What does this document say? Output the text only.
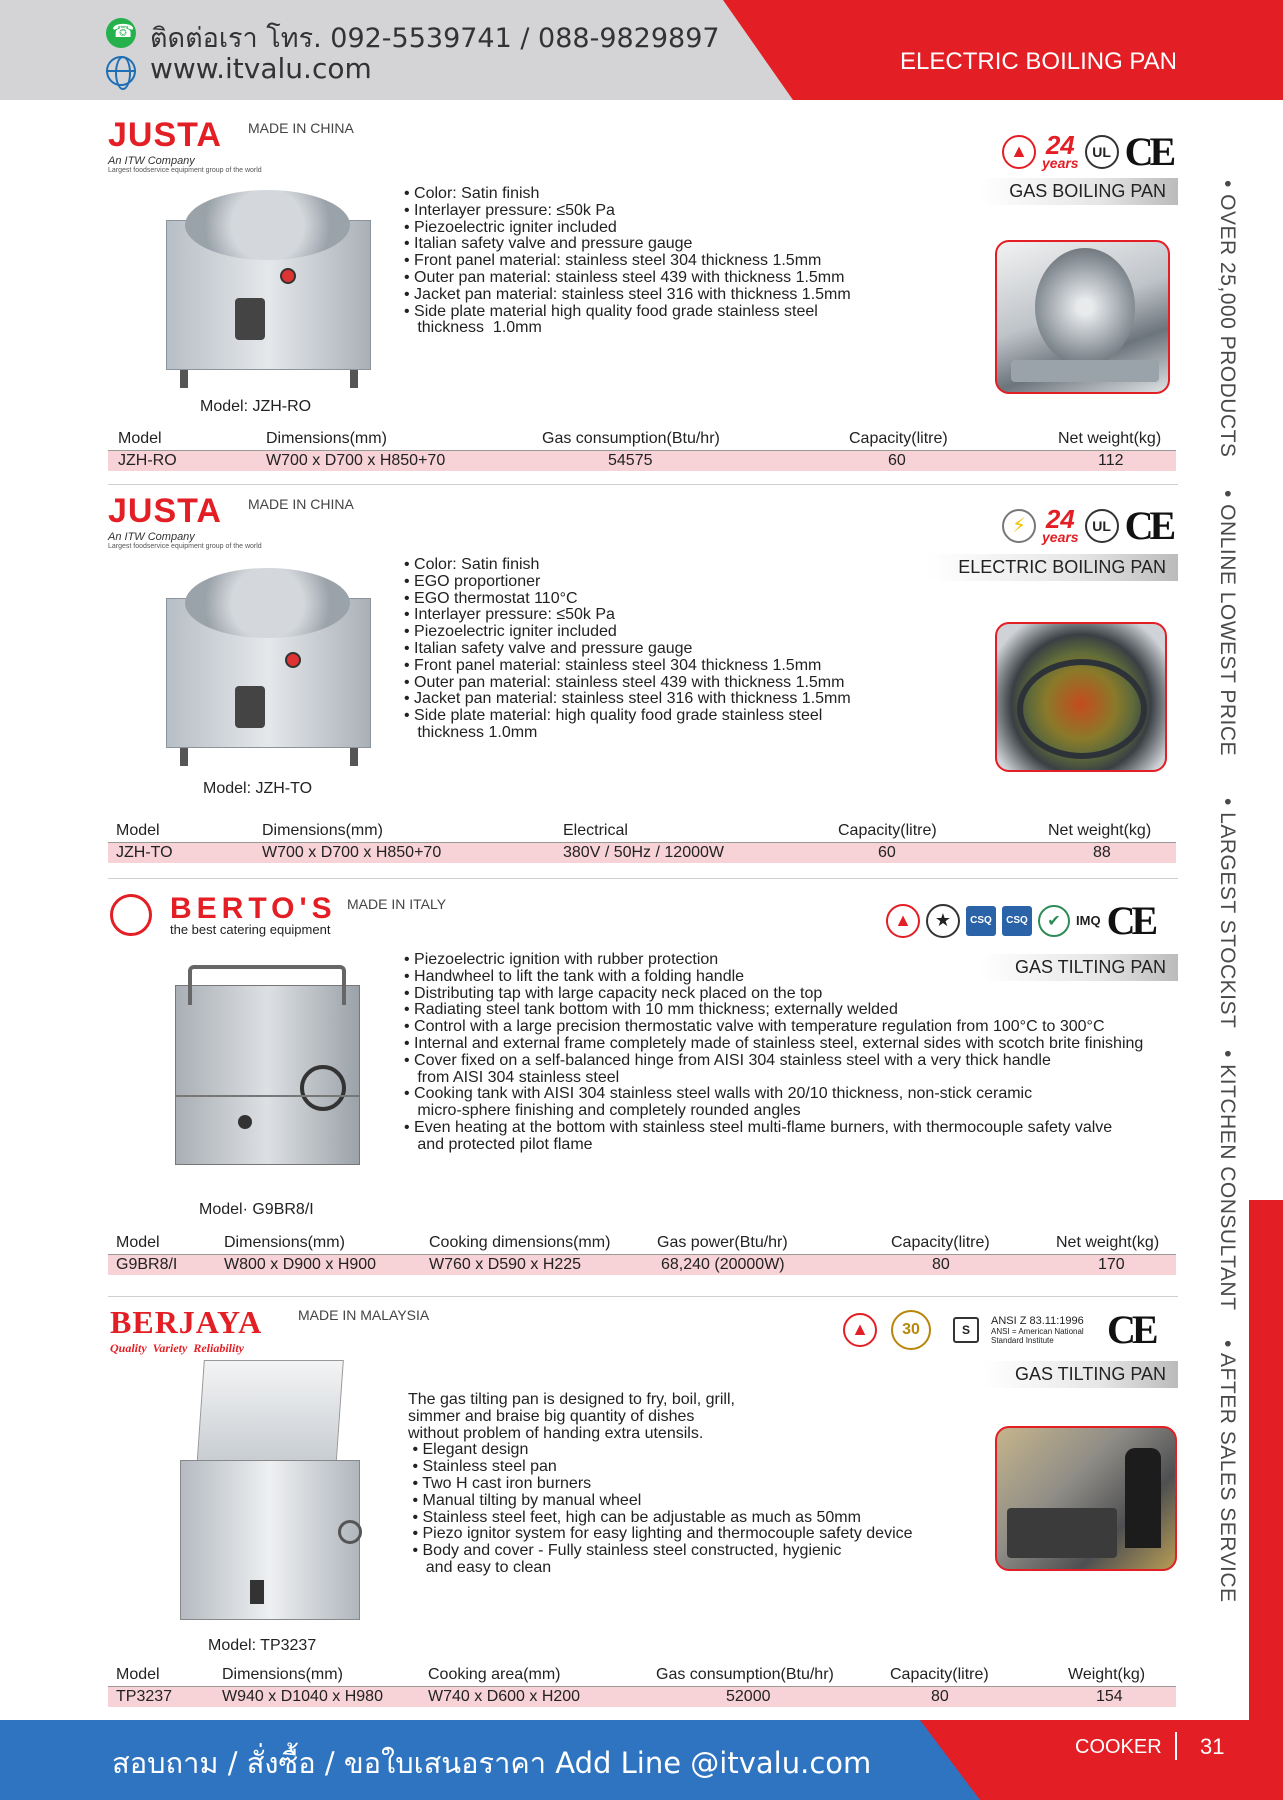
☎
ติดต่อเรา โทร. 092-5539741 / 088-9829897
www.itvalu.com	ELECTRIC BOILING PAN
• OVER 25,000 PRODUCTS
• ONLINE LOWEST PRICE
• LARGEST STOCKIST
• KITCHEN CONSULTANT
• AFTER SALES SERVICE
JUSTA
An ITW Company
Largest foodservice equipment group of the world
MADE IN CHINA
Model: JZH-RO
• Color: Satin finish
• Interlayer pressure: ≤50k Pa
• Piezoelectric igniter included
• Italian safety valve and pressure gauge
• Front panel material: stainless steel 304 thickness 1.5mm
• Outer pan material: stainless steel 439 with thickness 1.5mm
• Jacket pan material: stainless steel 316 with thickness 1.5mm
• Side plate material high quality food grade stainless steel
thickness  1.0mm
▲ 24
years
UL CE
GAS BOILING PAN
Model	Dimensions(mm)	Gas consumption(Btu/hr)	Capacity(litre)	Net weight(kg)
JZH-RO	W700 x D700 x H850+70	54575	60	112
JUSTA
An ITW Company
Largest foodservice equipment group of the world
MADE IN CHINA
Model: JZH-TO
• Color: Satin finish
• EGO proportioner
• EGO thermostat 110°C
• Interlayer pressure: ≤50k Pa
• Piezoelectric igniter included
• Italian safety valve and pressure gauge
• Front panel material: stainless steel 304 thickness 1.5mm
• Outer pan material: stainless steel 439 with thickness 1.5mm
• Jacket pan material: stainless steel 316 with thickness 1.5mm
• Side plate material: high quality food grade stainless steel
thickness 1.0mm
⚡ 24
years
UL CE
ELECTRIC BOILING PAN
Model	Dimensions(mm)	Electrical	Capacity(litre)	Net weight(kg)
JZH-TO	W700 x D700 x H850+70	380V / 50Hz / 12000W	60	88
BERTO'S
the best catering equipment
MADE IN ITALY
Model· G9BR8/I
• Piezoelectric ignition with rubber protection
• Handwheel to lift the tank with a folding handle
• Distributing tap with large capacity neck placed on the top
• Radiating steel tank bottom with 10 mm thickness; externally welded
• Control with a large precision thermostatic valve with temperature regulation from 100°C to 300°C
• Internal and external frame completely made of stainless steel, external sides with scotch brite finishing
• Cover fixed on a self-balanced hinge from AISI 304 stainless steel with a very thick handle
from AISI 304 stainless steel
• Cooking tank with AISI 304 stainless steel walls with 20/10 thickness, non-stick ceramic
micro-sphere finishing and completely rounded angles
• Even heating at the bottom with stainless steel multi-flame burners, with thermocouple safety valve
and protected pilot flame
▲	★	CSQ	CSQ	✔	IMQ CE
GAS TILTING PAN
Model	Dimensions(mm)	Cooking dimensions(mm)	Gas power(Btu/hr)	Capacity(litre)	Net weight(kg)
G9BR8/I	W800 x D900 x H900	W760 x D590 x H225	68,240 (20000W)	80	170
BERJAYA
Quality  Variety  Reliability
MADE IN MALAYSIA
Model: TP3237
The gas tilting pan is designed to fry, boil, grill,
simmer and braise big quantity of dishes
without problem of handing extra utensils.
• Elegant design
• Stainless steel pan
• Two H cast iron burners
• Manual tilting by manual wheel
• Stainless steel feet, high can be adjustable as much as 50mm
• Piezo ignitor system for easy lighting and thermocouple safety device
• Body and cover - Fully stainless steel constructed, hygienic
and easy to clean
▲	30	S
ANSI Z 83.11:1996
ANSI = American National Standard Institute	CE
GAS TILTING PAN
Model	Dimensions(mm)	Cooking area(mm)	Gas consumption(Btu/hr)	Capacity(litre)	Weight(kg)
TP3237	W940 x D1040 x H980	W740 x D600 x H200	52000	80	154
สอบถาม / สั่งซื้อ / ขอใบเสนอราคา Add Line @itvalu.com	COOKER 31
